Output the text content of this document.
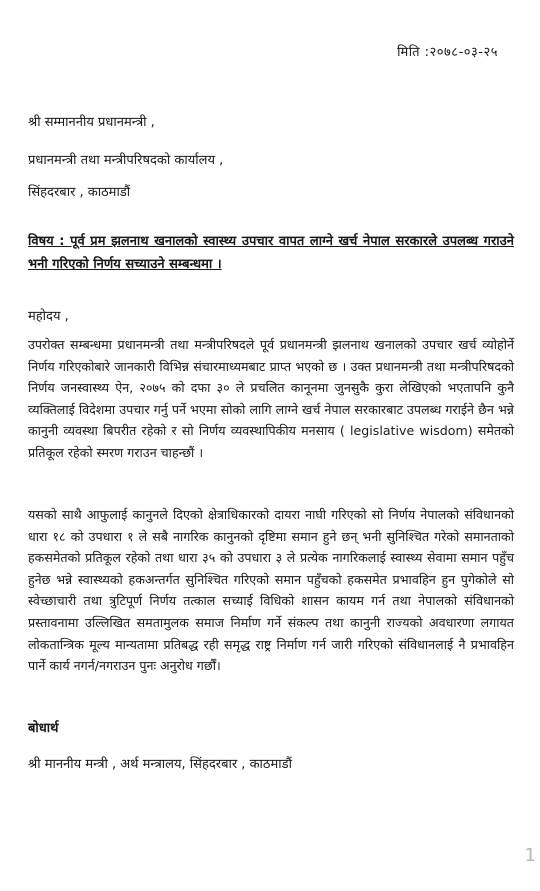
मिति :२०७८-०३-२५
श्री सम्माननीय प्रधानमन्त्री ,
प्रधानमन्त्री तथा मन्त्रीपरिषदको कार्यालय ,
सिंहदरबार , काठमाडौं
विषय : पूर्व प्रम झलनाथ खनालको स्वास्थ्य उपचार वापत लाग्ने खर्च नेपाल सरकारले उपलब्ध गराउने भनी गरिएको निर्णय सच्याउने सम्बन्धमा ।
महोदय ,
उपरोक्त सम्बन्धमा प्रधानमन्त्री तथा मन्त्रीपरिषदले पूर्व प्रधानमन्त्री झलनाथ खनालको उपचार खर्च व्योहोर्ने निर्णय गरिएकोबारे जानकारी विभिन्न संचारमाध्यमबाट प्राप्त भएको छ । उक्त प्रधानमन्त्री तथा मन्त्रीपरिषदको निर्णय जनस्वास्थ्य ऐन, २०७५ को दफा ३० ले प्रचलित कानूनमा जुनसुकै कुरा लेखिएको भएतापनि कुनै व्यक्तिलाई विदेशमा उपचार गर्नु पर्ने भएमा सोको लागि लाग्ने खर्च नेपाल सरकारबाट उपलब्ध गराईने छैन भन्ने कानुनी व्यवस्था बिपरीत रहेको र सो निर्णय व्यवस्थापिकीय मनसाय ( legislative wisdom) समेतको प्रतिकूल रहेको स्मरण गराउन चाहन्छौं ।
यसको साथै आफुलाई कानुनले दिएको क्षेत्राधिकारको दायरा नाघी गरिएको सो निर्णय नेपालको संविधानको धारा १८ को उपधारा १ ले सबै नागरिक कानुनको दृष्टिमा समान हुने छन् भनी सुनिश्चित गरेको समानताको हकसमेतको प्रतिकूल रहेको तथा धारा ३५ को उपधारा ३ ले प्रत्येक नागरिकलाई स्वास्थ्य सेवामा समान पहुँच हुनेछ भन्ने स्वास्थ्यको हकअन्तर्गत सुनिश्चित गरिएको समान पहुँचको हकसमेत प्रभावहिन हुन पुगेकोले सो स्वेच्छाचारी तथा त्रुटिपूर्ण निर्णय तत्काल सच्याई विधिको शासन कायम गर्न तथा नेपालको संविधानको प्रस्तावनामा उल्लिखित समतामुलक समाज निर्माण गर्ने संकल्प तथा कानुनी राज्यको अवधारणा लगायत लोकतान्त्रिक मूल्य मान्यतामा प्रतिबद्ध रही समृद्ध राष्ट्र निर्माण गर्न जारी गरिएको संविधानलाई नै प्रभावहिन पार्ने कार्य नगर्न/नगराउन पुनः अनुरोध गर्छौं।
बोधार्थ
श्री माननीय मन्त्री , अर्थ मन्त्रालय, सिंहदरबार , काठमाडौं
1
